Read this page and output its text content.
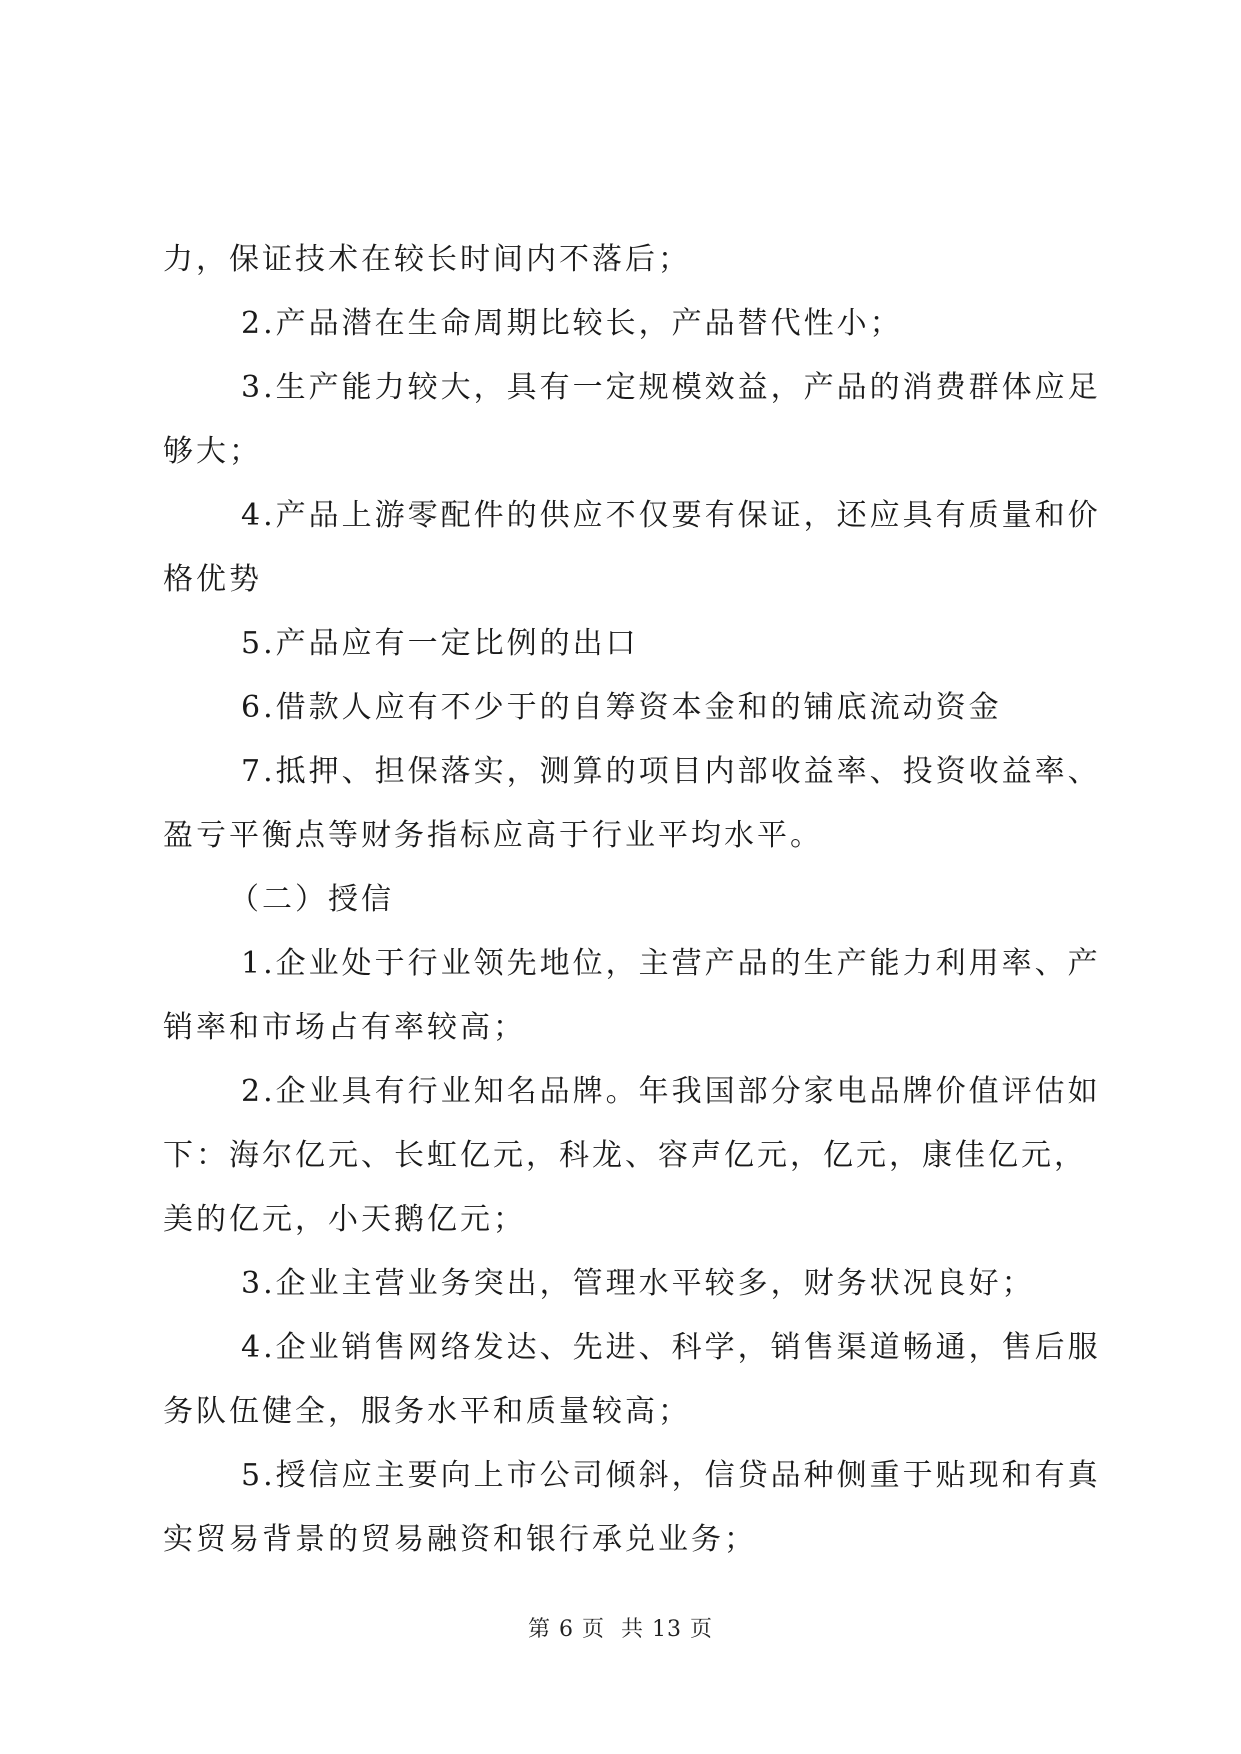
力，保证技术在较长时间内不落后；
2.产品潜在生命周期比较长，产品替代性小；
3.生产能力较大，具有一定规模效益，产品的消费群体应足
够大；
4.产品上游零配件的供应不仅要有保证，还应具有质量和价
格优势
5.产品应有一定比例的出口
6.借款人应有不少于的自筹资本金和的铺底流动资金
7.抵押、担保落实，测算的项目内部收益率、投资收益率、
盈亏平衡点等财务指标应高于行业平均水平。
（二）授信
1.企业处于行业领先地位，主营产品的生产能力利用率、产
销率和市场占有率较高；
2.企业具有行业知名品牌。年我国部分家电品牌价值评估如
下：海尔亿元、长虹亿元，科龙、容声亿元，亿元，康佳亿元，
美的亿元，小天鹅亿元；
3.企业主营业务突出，管理水平较多，财务状况良好；
4.企业销售网络发达、先进、科学，销售渠道畅通，售后服
务队伍健全，服务水平和质量较高；
5.授信应主要向上市公司倾斜，信贷品种侧重于贴现和有真
实贸易背景的贸易融资和银行承兑业务；
第 6 页  共 13 页
